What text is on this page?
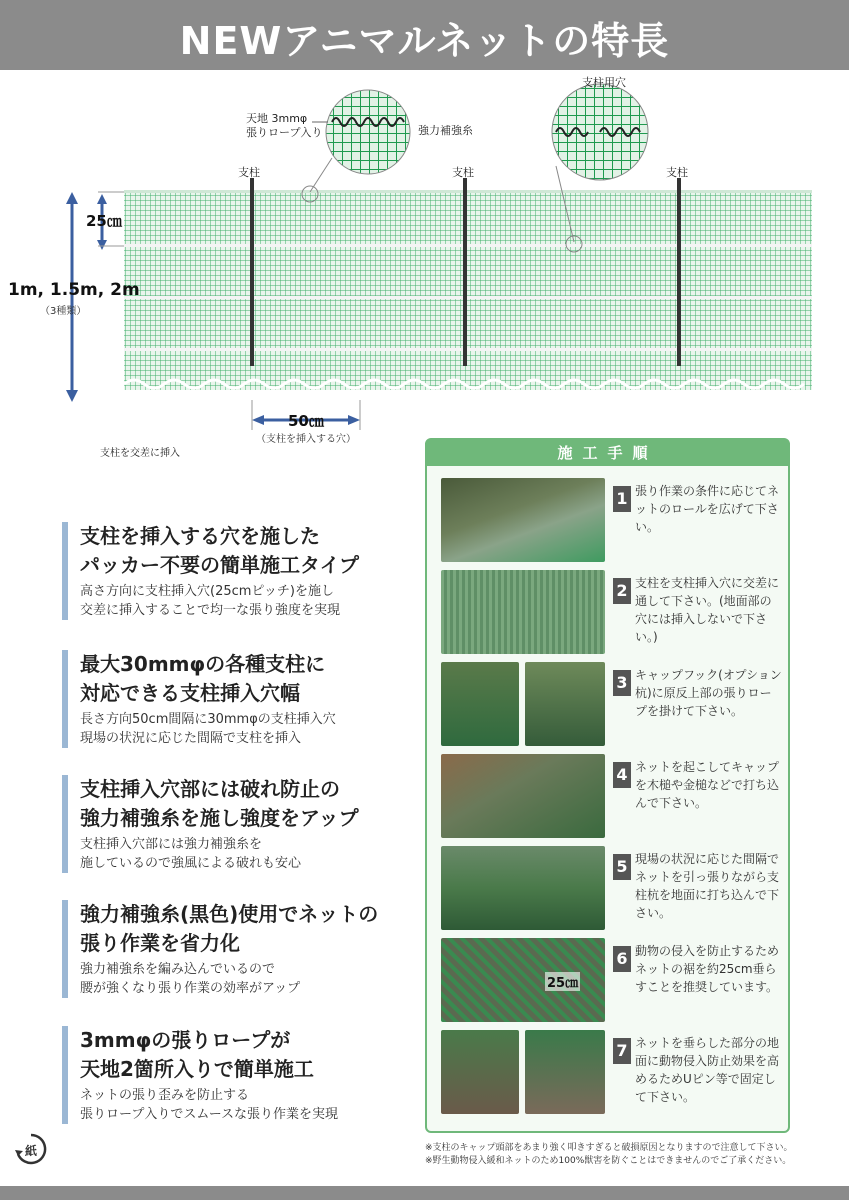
NEWアニマルネットの特長
天地 3mmφ
張りロープ入り	強力補強糸
支柱用穴
支柱	支柱	支柱
25㎝
1m, 1.5m, 2m
（3種類）
50㎝
（支柱を挿入する穴）
支柱を交差に挿入
支柱を挿入する穴を施した
パッカー不要の簡単施工タイプ

高さ方向に支柱挿入穴(25cmピッチ)を施し

交差に挿入することで均一な張り強度を実現

最大30mmφの各種支柱に
対応できる支柱挿入穴幅

長さ方向50cm間隔に30mmφの支柱挿入穴

現場の状況に応じた間隔で支柱を挿入

支柱挿入穴部には破れ防止の
強力補強糸を施し強度をアップ

支柱挿入穴部には強力補強糸を

施しているので強風による破れも安心

強力補強糸(黒色)使用でネットの
張り作業を省力化

強力補強糸を編み込んでいるので

腰が強くなり張り作業の効率がアップ

3mmφの張りロープが
天地2箇所入りで簡単施工

ネットの張り歪みを防止する

張りロープ入りでスムースな張り作業を実現

施工手順
1 張り作業の条件に応じてネットのロールを広げて下さい。
2 支柱を支柱挿入穴に交差に通して下さい。(地面部の穴には挿入しないで下さい。)
3 キャップフック(オプション杭)に原反上部の張りロープを掛けて下さい。
4 ネットを起こしてキャップを木槌や金槌などで打ち込んで下さい。
5 現場の状況に応じた間隔でネットを引っ張りながら支柱杭を地面に打ち込んで下さい。
25㎝
6 動物の侵入を防止するためネットの裾を約25cm垂らすことを推奨しています。
7 ネットを垂らした部分の地面に動物侵入防止効果を高めるためUピン等で固定して下さい。
※支柱のキャップ頭部をあまり強く叩きすぎると破損原因となりますので注意して下さい。
※野生動物侵入緩和ネットのため100%獣害を防ぐことはできませんのでご了承ください。
紙
